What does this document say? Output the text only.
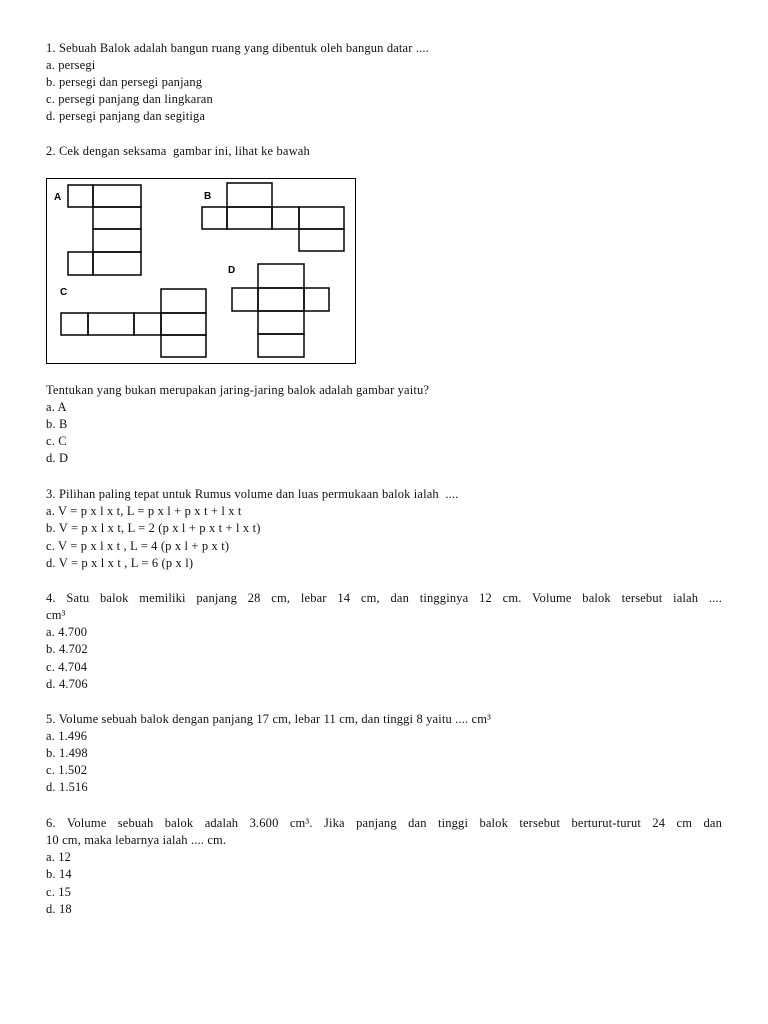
1. Sebuah Balok adalah bangun ruang yang dibentuk oleh bangun datar ....
a. persegi
b. persegi dan persegi panjang
c. persegi panjang dan lingkaran
d. persegi panjang dan segitiga
2. Cek dengan seksama  gambar ini, lihat ke bawah
A	B
C
D
Tentukan yang bukan merupakan jaring-jaring balok adalah gambar yaitu?
a. A
b. B
c. C
d. D
3. Pilihan paling tepat untuk Rumus volume dan luas permukaan balok ialah  ....
a. V = p x l x t, L = p x l + p x t + l x t
b. V = p x l x t, L = 2 (p x l + p x t + l x t)
c. V = p x l x t , L = 4 (p x l + p x t)
d. V = p x l x t , L = 6 (p x l)
4. Satu balok memiliki panjang 28 cm, lebar 14 cm, dan tingginya 12 cm. Volume balok tersebut ialah ....
cm³
a. 4.700
b. 4.702
c. 4.704
d. 4.706
5. Volume sebuah balok dengan panjang 17 cm, lebar 11 cm, dan tinggi 8 yaitu .... cm³
a. 1.496
b. 1.498
c. 1.502
d. 1.516
6. Volume sebuah balok adalah 3.600 cm³. Jika panjang dan tinggi balok tersebut berturut-turut 24 cm dan
10 cm, maka lebarnya ialah .... cm.
a. 12
b. 14
c. 15
d. 18
